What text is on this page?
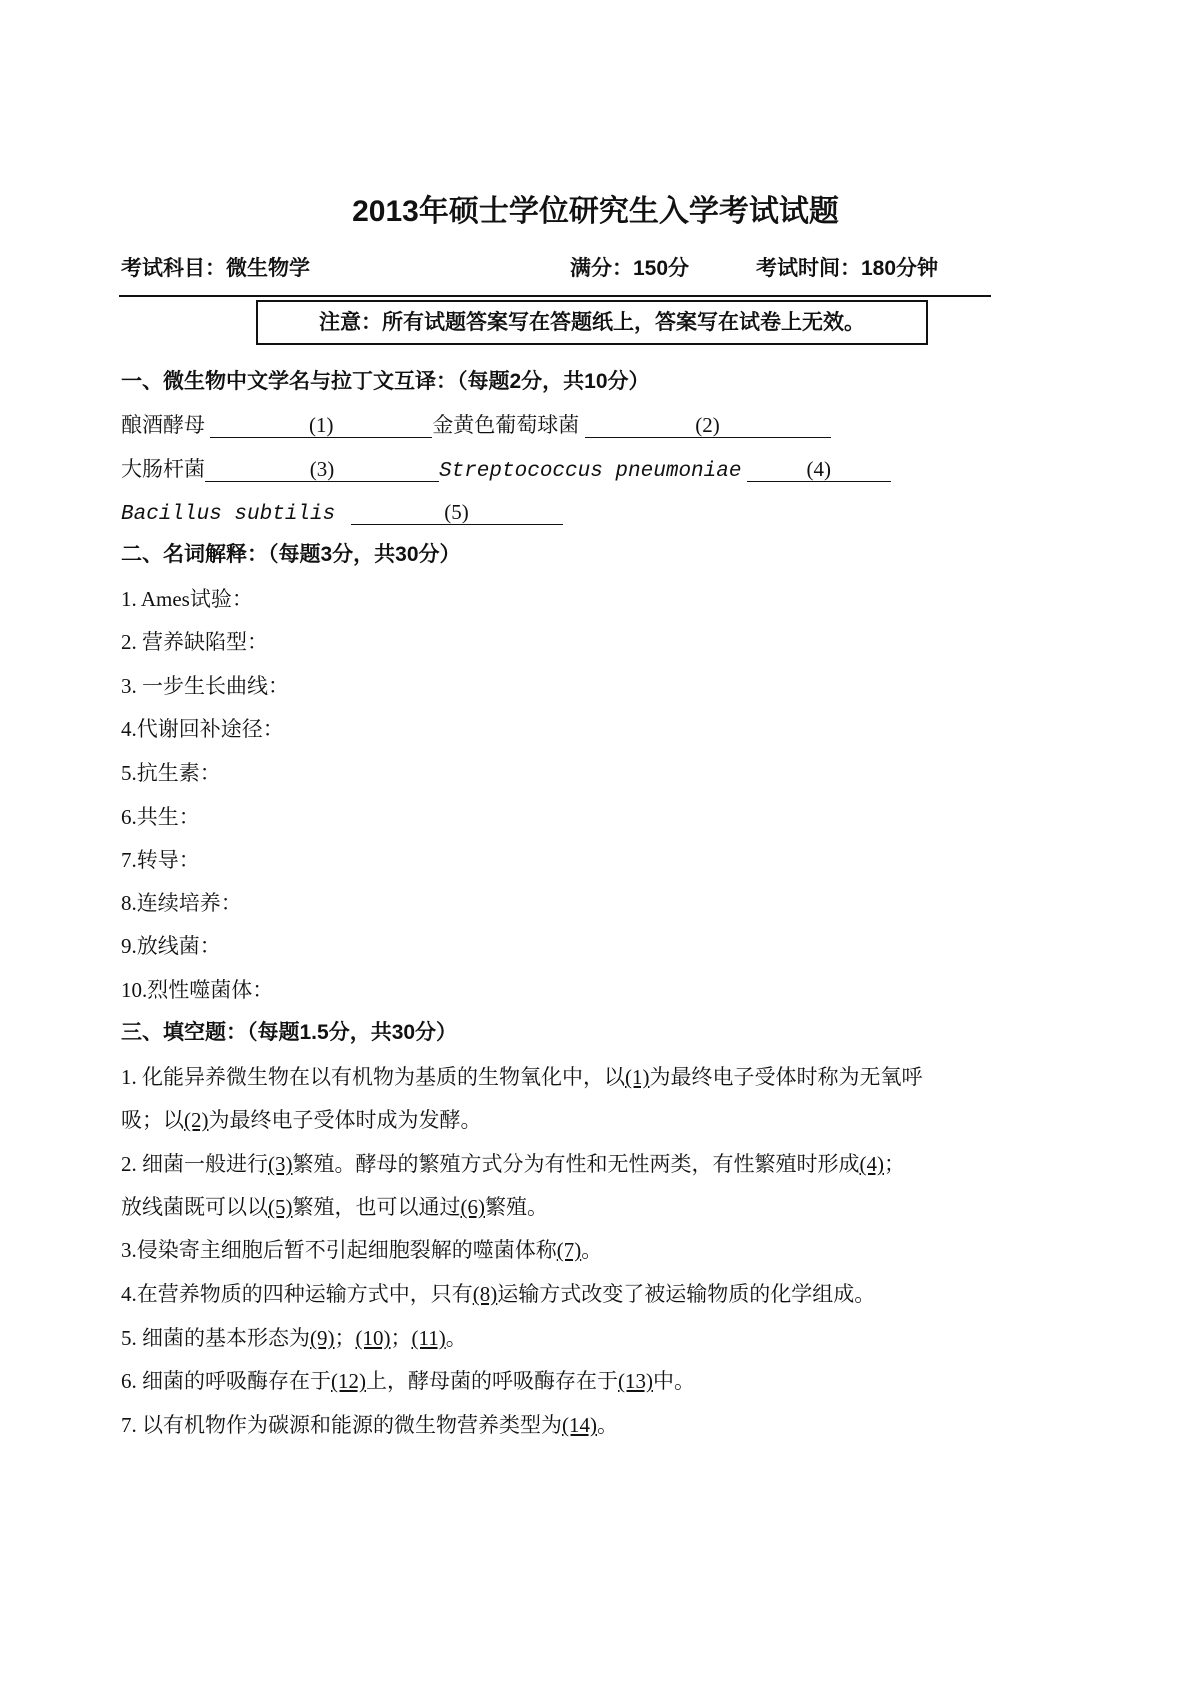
2013年硕士学位研究生入学考试试题
考试科目：微生物学	满分：150分	考试时间：180分钟
注意：所有试题答案写在答题纸上，答案写在试卷上无效。
一、微生物中文学名与拉丁文互译：（每题2分，共10分）
酿酒酵母	(1)	金黄色葡萄球菌	(2)
大肠杆菌	(3)	Streptococcus pneumoniae	(4)
Bacillus subtilis	(5)
二、名词解释：（每题3分，共30分）
1. Ames试验：
2. 营养缺陷型：
3. 一步生长曲线：
4.代谢回补途径：
5.抗生素：
6.共生：
7.转导：
8.连续培养：
9.放线菌：
10.烈性噬菌体：
三、填空题：（每题1.5分，共30分）
1. 化能异养微生物在以有机物为基质的生物氧化中，以(1)为最终电子受体时称为无氧呼
吸；以(2)为最终电子受体时成为发酵。
2. 细菌一般进行(3)繁殖。酵母的繁殖方式分为有性和无性两类，有性繁殖时形成(4)；
放线菌既可以以(5)繁殖，也可以通过(6)繁殖。
3.侵染寄主细胞后暂不引起细胞裂解的噬菌体称(7)。
4.在营养物质的四种运输方式中，只有(8)运输方式改变了被运输物质的化学组成。
5. 细菌的基本形态为(9)；(10)；(11)。
6. 细菌的呼吸酶存在于(12)上，酵母菌的呼吸酶存在于(13)中。
7. 以有机物作为碳源和能源的微生物营养类型为(14)。
